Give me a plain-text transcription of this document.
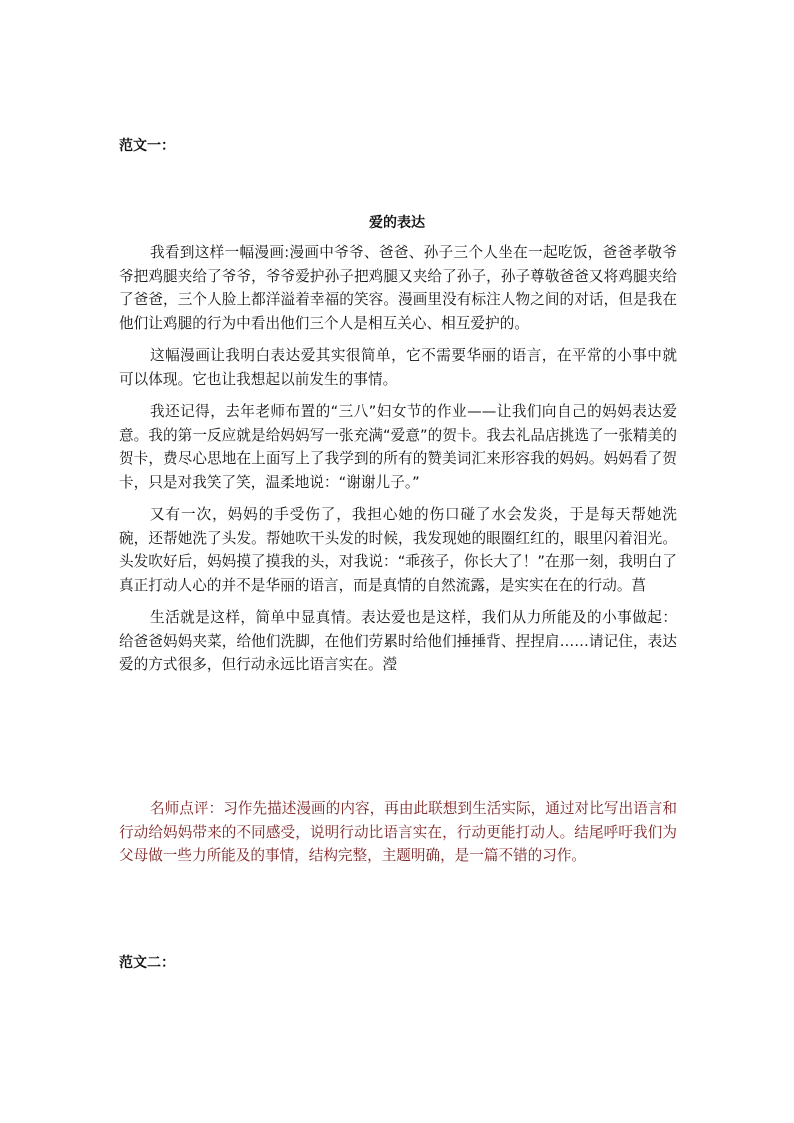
范文一：
爱的表达

我看到这样一幅漫画:漫画中爷爷、爸爸、孙子三个人坐在一起吃饭，爸爸孝敬爷爷把鸡腿夹给了爷爷，爷爷爱护孙子把鸡腿又夹给了孙子，孙子尊敬爸爸又将鸡腿夹给了爸爸，三个人脸上都洋溢着幸福的笑容。漫画里没有标注人物之间的对话，但是我在他们让鸡腿的行为中看出他们三个人是相互关心、相互爱护的。

这幅漫画让我明白表达爱其实很简单，它不需要华丽的语言，在平常的小事中就可以体现。它也让我想起以前发生的事情。

我还记得，去年老师布置的“三八”妇女节的作业——让我们向自己的妈妈表达爱意。我的第一反应就是给妈妈写一张充满“爱意”的贺卡。我去礼品店挑选了一张精美的贺卡，费尽心思地在上面写上了我学到的所有的赞美词汇来形容我的妈妈。妈妈看了贺卡，只是对我笑了笑，温柔地说：“谢谢儿子。”

又有一次，妈妈的手受伤了，我担心她的伤口碰了水会发炎，于是每天帮她洗碗，还帮她洗了头发。帮她吹干头发的时候，我发现她的眼圈红红的，眼里闪着泪光。头发吹好后，妈妈摸了摸我的头，对我说：“乖孩子，你长大了！”在那一刻，我明白了真正打动人心的并不是华丽的语言，而是真情的自然流露，是实实在在的行动。菖

生活就是这样，简单中显真情。表达爱也是这样，我们从力所能及的小事做起：给爸爸妈妈夹菜，给他们洗脚，在他们劳累时给他们捶捶背、捏捏肩……请记住，表达爱的方式很多，但行动永远比语言实在。瀅

名师点评：习作先描述漫画的内容，再由此联想到生活实际，通过对比写出语言和行动给妈妈带来的不同感受，说明行动比语言实在，行动更能打动人。结尾呼吁我们为父母做一些力所能及的事情，结构完整，主题明确，是一篇不错的习作。

范文二：
